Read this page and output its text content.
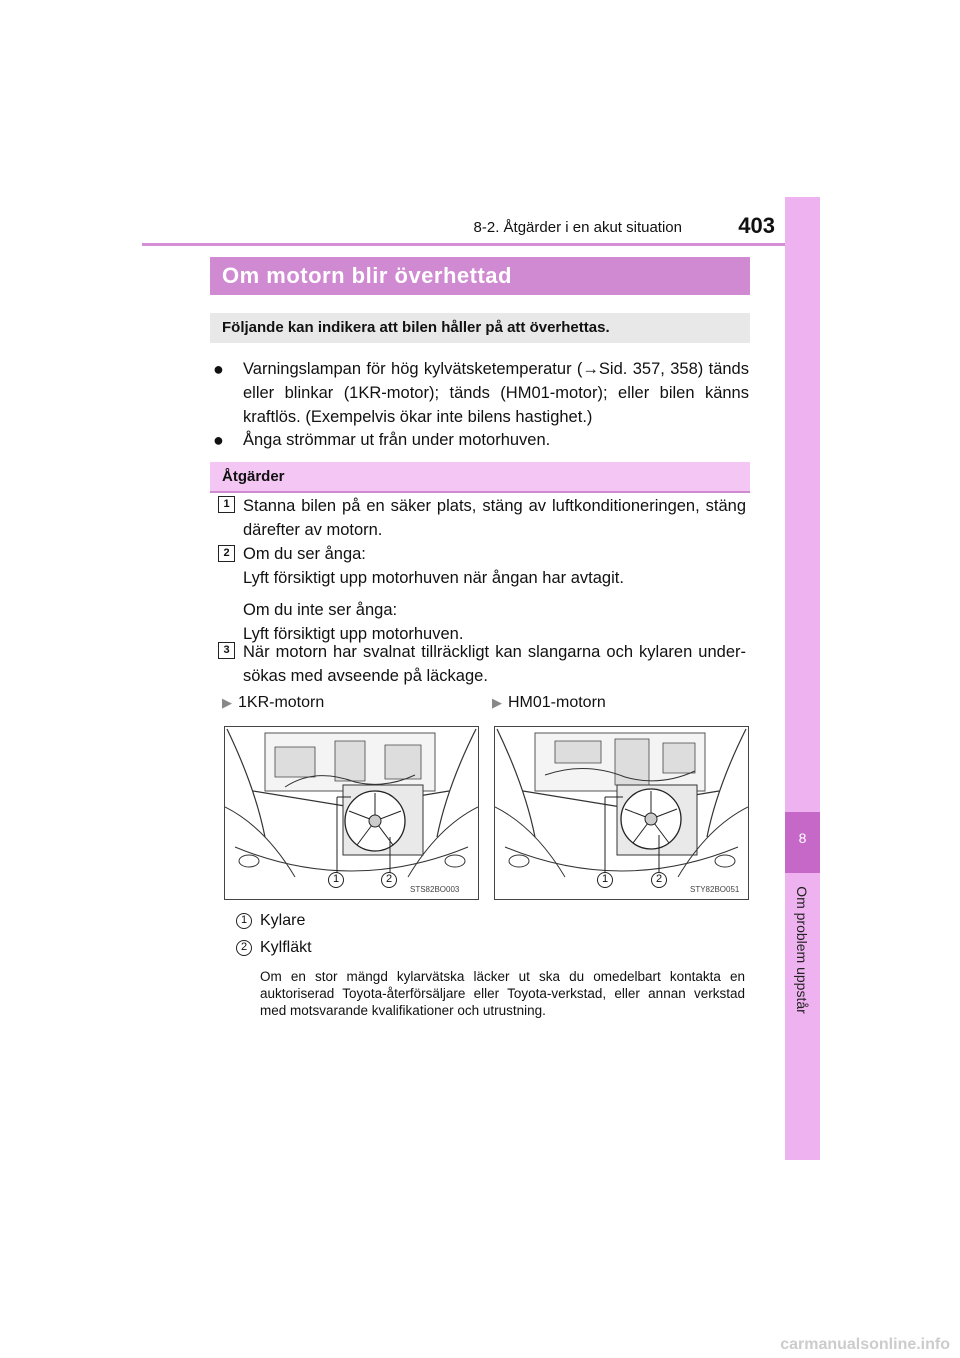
8-2. Åtgärder i en akut situation	403
8
Om problem uppstår
Om motorn blir överhettad
Följande kan indikera att bilen håller på att överhettas.
● Varningslampan för hög kylvätsketemperatur (→Sid. 357, 358) tänds eller blinkar (1KR-motor); tänds (HM01-motor); eller bilen känns kraftlös. (Exempelvis ökar inte bilens hastighet.)
● Ånga strömmar ut från under motorhuven.
Åtgärder
1 Stanna bilen på en säker plats, stäng av luftkonditioneringen, stäng därefter av motorn.
2 Om du ser ånga:
Lyft försiktigt upp motorhuven när ångan har avtagit.
Om du inte ser ånga:
Lyft försiktigt upp motorhuven.
3 När motorn har svalnat tillräckligt kan slangarna och kylaren under-sökas med avseende på läckage.
▶ 1KR-motorn	▶ HM01-motorn
1	2
STS82BO003
1	2
STY82BO051
1 Kylare
2 Kylfläkt
Om en stor mängd kylarvätska läcker ut ska du omedelbart kontakta en auktoriserad Toyota-återförsäljare eller Toyota-verkstad, eller annan verkstad med motsvarande kvalifikationer och utrustning.
carmanualsonline.info
